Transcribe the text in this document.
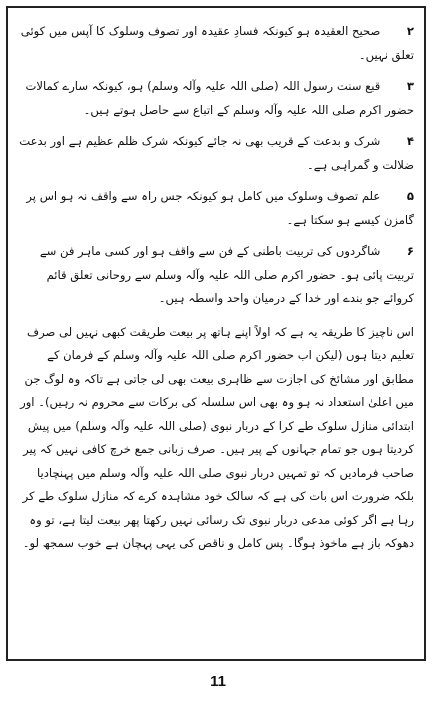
۲ صحیح العقیدہ ہو کیونکہ فسادِ عقیدہ اور تصوف وسلوک کا آپس میں کوئی تعلق نہیں۔
۳ قبع سنت رسول اللہ (صلی اللہ علیہ وآلہ وسلم) ہو، کیونکہ سارے کمالات حضور اکرم صلی اللہ علیہ وآلہ وسلم کے اتباع سے حاصل ہوتے ہیں۔
۴ شرک و بدعت کے قریب بھی نہ جائے کیونکہ شرک ظلم عظیم ہے اور بدعت ضلالت و گمراہی ہے۔
۵ علم تصوف وسلوک میں کامل ہو کیونکہ جس راہ سے واقف نہ ہو اس پر گامزن کیسے ہو سکتا ہے۔
۶ شاگردوں کی تربیت باطنی کے فن سے واقف ہو اور کسی ماہر فن سے تربیت پائی ہو۔ حضور اکرم صلی اللہ علیہ وآلہ وسلم سے روحانی تعلق قائم کروائے جو بندے اور خدا کے درمیان واحد واسطہ ہیں۔

اس ناچیز کا طریقہ یہ ہے کہ اولاً اپنے ہاتھ پر بیعت طریقت کبھی نہیں لی صرف تعلیم دیتا ہوں (لیکن اب حضور اکرم صلی اللہ علیہ وآلہ وسلم کے فرمان کے مطابق اور مشائخ کی اجازت سے ظاہری بیعت بھی لی جاتی ہے تاکہ وہ لوگ جن میں اعلیٰ استعداد نہ ہو وہ بھی اس سلسلہ کی برکات سے محروم نہ رہیں)۔ اور ابتدائی منازل سلوک طے کرا کے دربار نبوی (صلی اللہ علیہ وآلہ وسلم) میں پیش کردیتا ہوں جو تمام جہانوں کے پیر ہیں۔ صرف زبانی جمع خرچ کافی نہیں کہ پیر صاحب فرمادیں کہ تو تمہیں دربار نبوی صلی اللہ علیہ وآلہ وسلم میں پہنچادیا بلکہ ضرورت اس بات کی ہے کہ سالک خود مشاہدہ کرے کہ منازل سلوک طے کر رہا ہے اگر کوئی مدعی دربار نبوی تک رسائی نہیں رکھتا پھر بیعت لیتا ہے، تو وہ دھوکہ باز ہے ماخوذ ہوگا۔ پس کامل و ناقص کی یہی پہچان ہے خوب سمجھ لو۔

11
